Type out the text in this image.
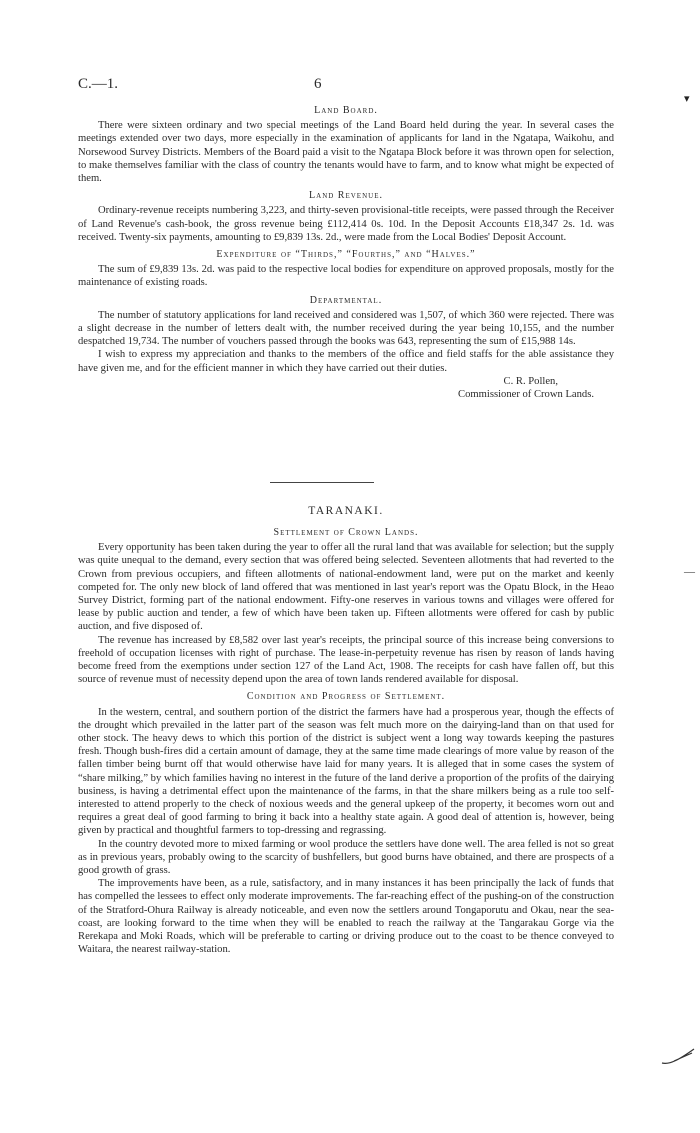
C.—1.	6
▾
—
Land Board.

There were sixteen ordinary and two special meetings of the Land Board held during the year. In several cases the meetings extended over two days, more especially in the examination of applicants for land in the Ngatapa, Waikohu, and Norsewood Survey Districts. Members of the Board paid a visit to the Ngatapa Block before it was thrown open for selection, to make themselves familiar with the class of country the tenants would have to farm, and to know what might be expected of them.

Land Revenue.

Ordinary-revenue receipts numbering 3,223, and thirty-seven provisional-title receipts, were passed through the Receiver of Land Revenue's cash-book, the gross revenue being £112,414 0s. 10d. In the Deposit Accounts £18,347 2s. 1d. was received. Twenty-six payments, amounting to £9,839 13s. 2d., were made from the Local Bodies' Deposit Account.

Expenditure of “Thirds,” “Fourths,” and “Halves.”

The sum of £9,839 13s. 2d. was paid to the respective local bodies for expenditure on approved proposals, mostly for the maintenance of existing roads.

Departmental.

The number of statutory applications for land received and considered was 1,507, of which 360 were rejected. There was a slight decrease in the number of letters dealt with, the number received during the year being 10,155, and the number despatched 19,734. The number of vouchers passed through the books was 643, representing the sum of £15,988 14s.

I wish to express my appreciation and thanks to the members of the office and field staffs for the able assistance they have given me, and for the efficient manner in which they have carried out their duties.

C. R. Pollen,
Commissioner of Crown Lands.
TARANAKI.
Settlement of Crown Lands.

Every opportunity has been taken during the year to offer all the rural land that was available for selection; but the supply was quite unequal to the demand, every section that was offered being selected. Seventeen allotments that had reverted to the Crown from previous occupiers, and fifteen allotments of national-endowment land, were put on the market and keenly competed for. The only new block of land offered that was mentioned in last year's report was the Opatu Block, in the Heao Survey District, forming part of the national endowment. Fifty-one reserves in various towns and villages were offered for lease by public auction and tender, a few of which have been taken up. Fifteen allotments were offered for cash by public auction, and five disposed of.

The revenue has increased by £8,582 over last year's receipts, the principal source of this increase being conversions to freehold of occupation licenses with right of purchase. The lease-in-perpetuity revenue has risen by reason of lands having become freed from the exemptions under section 127 of the Land Act, 1908. The receipts for cash have fallen off, but this source of revenue must of necessity depend upon the area of town lands rendered available for disposal.

Condition and Progress of Settlement.

In the western, central, and southern portion of the district the farmers have had a prosperous year, though the effects of the drought which prevailed in the latter part of the season was felt much more on the dairying-land than on that used for other stock. The heavy dews to which this portion of the district is subject went a long way towards keeping the pastures fresh. Though bush-fires did a certain amount of damage, they at the same time made clearings of more value by reason of the fallen timber being burnt off that would otherwise have laid for many years. It is alleged that in some cases the system of “share milking,” by which families having no interest in the future of the land derive a proportion of the profits of the dairying business, is having a detrimental effect upon the maintenance of the farms, in that the share milkers being as a rule too self-interested to attend properly to the check of noxious weeds and the general upkeep of the property, it becomes worn out and requires a great deal of good farming to bring it back into a healthy state again. A good deal of attention is, however, being given by practical and thoughtful farmers to top-dressing and regrassing.

In the country devoted more to mixed farming or wool produce the settlers have done well. The area felled is not so great as in previous years, probably owing to the scarcity of bushfellers, but good burns have obtained, and there are prospects of a good growth of grass.

The improvements have been, as a rule, satisfactory, and in many instances it has been principally the lack of funds that has compelled the lessees to effect only moderate improvements. The far-reaching effect of the pushing-on of the construction of the Stratford-Ohura Railway is already noticeable, and even now the settlers around Tongaporutu and Okau, near the sea-coast, are looking forward to the time when they will be enabled to reach the railway at the Tangarakau Gorge via the Rerekapa and Moki Roads, which will be preferable to carting or driving produce out to the coast to be thence conveyed to Waitara, the nearest railway-station.
